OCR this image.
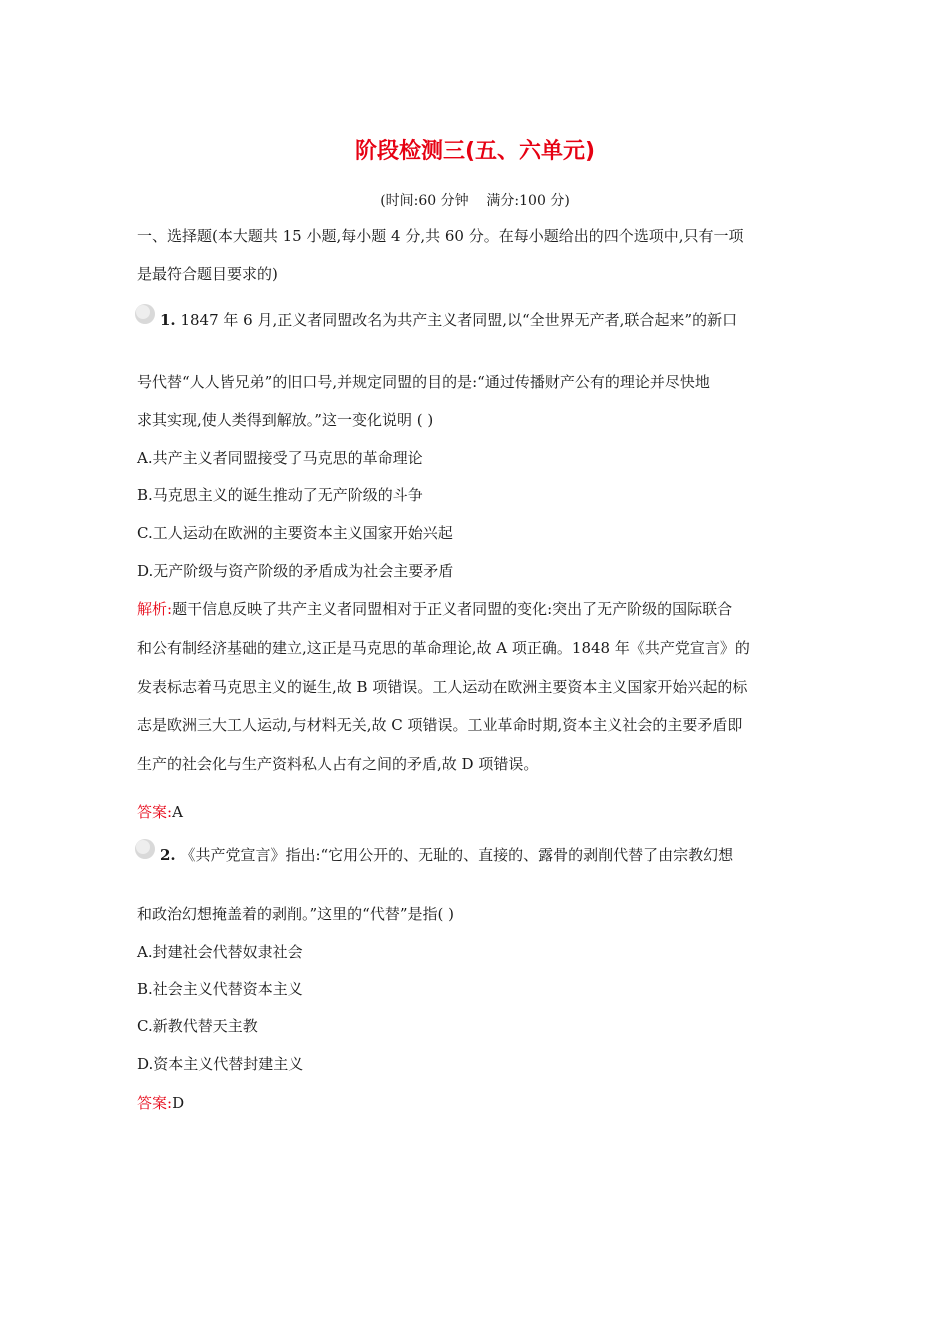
阶段检测三(五、六单元)
(时间:60 分钟    满分:100 分)
一、选择题(本大题共 15 小题,每小题 4 分,共 60 分。在每小题给出的四个选项中,只有一项
是最符合题目要求的)
1. 1847 年 6 月,正义者同盟改名为共产主义者同盟,以“全世界无产者,联合起来”的新口
号代替“人人皆兄弟”的旧口号,并规定同盟的目的是:“通过传播财产公有的理论并尽快地
求其实现,使人类得到解放。”这一变化说明 ( )
A.共产主义者同盟接受了马克思的革命理论
B.马克思主义的诞生推动了无产阶级的斗争
C.工人运动在欧洲的主要资本主义国家开始兴起
D.无产阶级与资产阶级的矛盾成为社会主要矛盾
解析:题干信息反映了共产主义者同盟相对于正义者同盟的变化:突出了无产阶级的国际联合
和公有制经济基础的建立,这正是马克思的革命理论,故 A 项正确。1848 年《共产党宣言》的
发表标志着马克思主义的诞生,故 B 项错误。工人运动在欧洲主要资本主义国家开始兴起的标
志是欧洲三大工人运动,与材料无关,故 C 项错误。工业革命时期,资本主义社会的主要矛盾即
生产的社会化与生产资料私人占有之间的矛盾,故 D 项错误。
答案:A
2. 《共产党宣言》指出:“它用公开的、无耻的、直接的、露骨的剥削代替了由宗教幻想
和政治幻想掩盖着的剥削。”这里的“代替”是指( )
A.封建社会代替奴隶社会
B.社会主义代替资本主义
C.新教代替天主教
D.资本主义代替封建主义
答案:D
